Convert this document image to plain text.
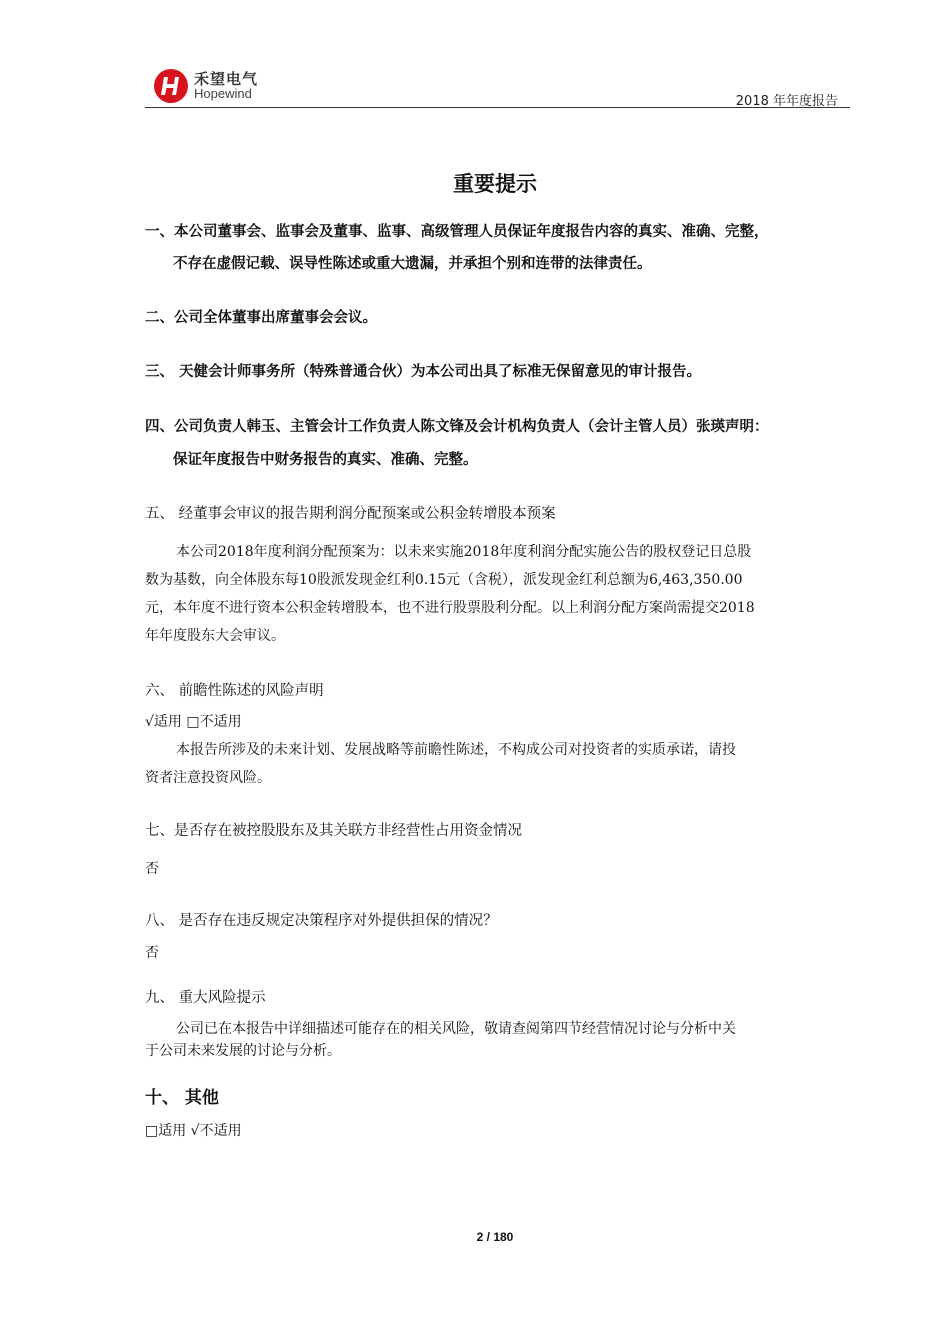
禾望电气
Hopewind
2018 年年度报告
重要提示
一、本公司董事会、监事会及董事、监事、高级管理人员保证年度报告内容的真实、准确、完整，
不存在虚假记载、误导性陈述或重大遗漏，并承担个别和连带的法律责任。
二、公司全体董事出席董事会会议。
三、 天健会计师事务所（特殊普通合伙）为本公司出具了标准无保留意见的审计报告。
四、公司负责人韩玉、主管会计工作负责人陈文锋及会计机构负责人（会计主管人员）张瑛声明：
保证年度报告中财务报告的真实、准确、完整。
五、 经董事会审议的报告期利润分配预案或公积金转增股本预案
本公司2018年度利润分配预案为：以未来实施2018年度利润分配实施公告的股权登记日总股
数为基数，向全体股东每10股派发现金红利0.15元（含税），派发现金红利总额为6,463,350.00
元，本年度不进行资本公积金转增股本，也不进行股票股利分配。以上利润分配方案尚需提交2018
年年度股东大会审议。
六、 前瞻性陈述的风险声明
√适用 □不适用
本报告所涉及的未来计划、发展战略等前瞻性陈述，不构成公司对投资者的实质承诺，请投
资者注意投资风险。
七、是否存在被控股股东及其关联方非经营性占用资金情况
否
八、 是否存在违反规定决策程序对外提供担保的情况？
否
九、 重大风险提示
公司已在本报告中详细描述可能存在的相关风险，敬请查阅第四节经营情况讨论与分析中关
于公司未来发展的讨论与分析。
十、 其他
□适用 √不适用
2 / 180
